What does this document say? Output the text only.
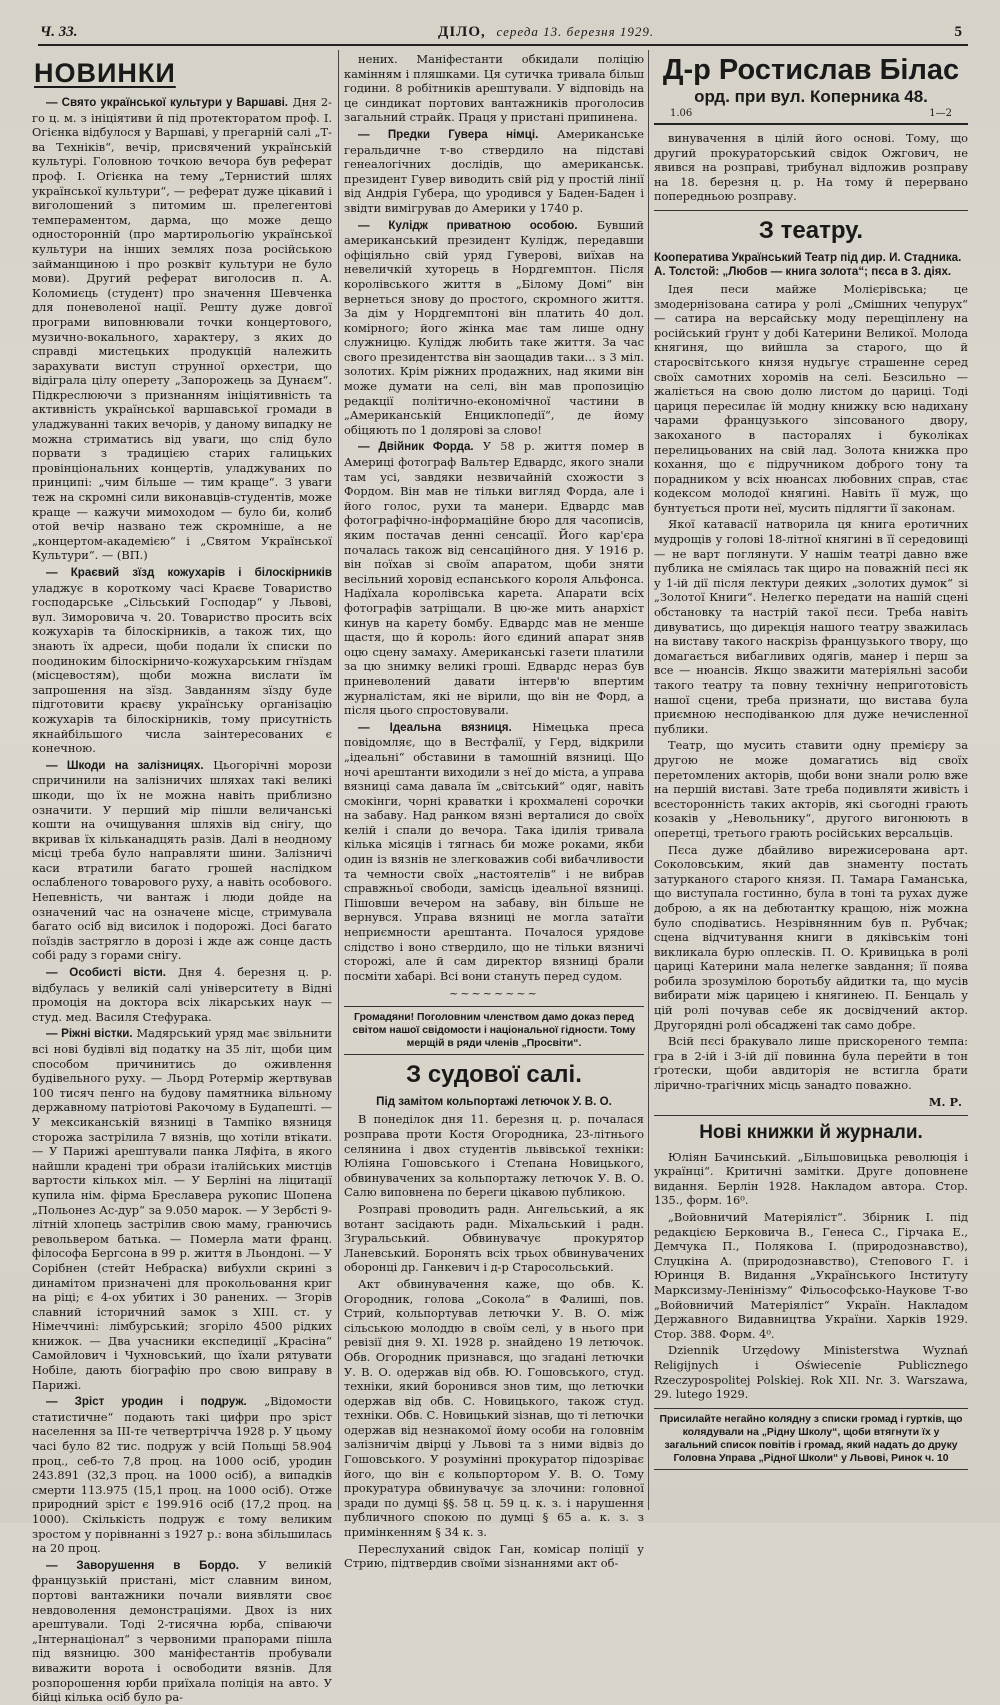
Ч. 33.	ДІЛО, середа 13. березня 1929.	5
НОВИНКИ

— Свято української культури у Варшаві. Дня 2-го ц. м. з ініціятиви й під протекторатом проф. І. Огієнка відбулося у Варшаві, у прегарній салі „Т-ва Техніків“, вечір, присвячений українській культурі. Головною точкою вечора був реферат проф. І. Огієнка на тему „Тернистий шлях української культури“, — реферат дуже цікавий і виголошений з питомим ш. прелегентові темпераментом, дарма, що може дещо односторонній (про мартирольогію української культури на інших землях поза російською займанщиною і про розквіт культури не було мови). Другий реферат виголосив п. А. Коломиєць (студент) про значення Шевченка для поневоленої нації. Решту дуже довгої програми виповнювали точки концертового, музично-вокального, характеру, з яких до справді мистецьких продукцій належить зарахувати виступ струнної орхестри, що відіграла цілу оперету „Запорожець за Дунаєм“. Підкреслюючи з признанням ініціятивність та активність української варшавської громади в уладжуванні таких вечорів, у даному випадку не можна стриматись від уваги, що слід було порвати з традицією старих галицьких провінціональних концертів, уладжуваних по принципі: „чим більше — тим краще“. З уваги теж на скромні сили виконавців-студентів, може краще — кажучи мимоходом — було би, колиб отой вечір названо теж скромніше, а не „концертом-академією“ і „Святом Української Культури“. — (ВП.)

— Краєвий зїзд кожухарів і білоскірників уладжує в короткому часі Краєве Товариство господарське „Сільський Господар“ у Львові, вул. Зиморовича ч. 20. Товариство просить всіх кожухарів та білоскірників, а також тих, що знають їх адреси, щоби подали їх списки по поодиноким білоскірничо-кожухарським гнїздам (місцевостям), щоби можна вислати їм запрошення на зїзд. Завданням зїзду буде підготовити краєву українську організацію кожухарів та білоскірників, тому присутність якнайбільшого числа заінтересованих є конечною.

— Шкоди на залізницях. Цьогорічні морози спричинили на залізничих шляхах такі великі шкоди, що їх не можна навіть приблизно означити. У перший мір пішли величанські кошти на очищування шляхів від снігу, що вкривав їх кільканадцять разів. Далі в неодному місці треба було направляти шини. Залізничі каси втратили багато грошей наслідком ослабленого товарового руху, а навіть особового. Непевність, чи вантаж і люди дойде на означений час на означене місце, стримувала багато осіб від висилок і подорожі. Досі багато поїздів застрягло в дорозі і жде аж сонце дасть собі раду з горами снігу.

— Особисті вісти. Дня 4. березня ц. р. відбулась у великій салі університету в Відні промоція на доктора всіх лікарських наук — студ. мед. Василя Стефурака.

— Ріжні вістки. Мадярський уряд має звільнити всі нові будівлі від податку на 35 літ, щоби цим способом причинитись до оживлення будівельного руху. — Льорд Ротермір жертвував 100 тисяч пенго на будову памятника вільному державному патріотові Ракочому в Будапешті. — У мексиканській вязниці в Тампіко вязниця сторожа застрілила 7 вязнів, що хотіли втікати. — У Парижі арештували панка Ляфіта, в якого найшли крадені три образи італійських мистців вартости кількох міл. — У Берліні на ліцитації купила нім. фірма Бреславера рукопис Шопена „Польонез Ас-дур“ за 9.050 марок. — У Зербсті 9-літній хлопець застрілив свою маму, гранючись револьвером батька. — Померла мати франц. філософа Бергсона в 99 р. життя в Льондоні. — У Сорібнен (стейт Небраска) вибухли скрині з динамітом призначені для прокольовання криг на ріці; є 4-ох убитих і 30 ранених. — Згорів славний історичний замок з ХІІІ. ст. у Німеччині: лімбурський; згоріло 4500 рідких книжок. — Два учасники експедиції „Красіна“ Самойлович і Чухновський, що їхали рятувати Нобіле, дають біографію про свою виправу в Парижі.

— Зріст уродин і подруж. „Відомости статистичне“ подають такі цифри про зріст населення за ІІІ-те четвертрічча 1928 р. У цьому часі було 82 тис. подруж у всій Польщі 58.904 проц., себ-то 7,8 проц. на 1000 осіб, уродин 243.891 (32,3 проц. на 1000 осіб), а випадків смерти 113.975 (15,1 проц. на 1000 осіб). Отже природний зріст є 199.916 осіб (17,2 проц. на 1000). Скількість подруж є тому великим зростом у порівнанні з 1927 р.: вона збільшилась на 20 проц.

— Заворушення в Бордо. У великій французькій пристані, міст славним вином, портові вантажники почали виявляти своє невдоволення демонстраціями. Двох із них арештували. Тоді 2-тисячна юрба, співаючи „Інтернаціонал“ з червоними прапорами пішла під вязницю. 300 маніфестантів пробували виважити ворота і освободити вязнів. Для розпорошення юрби приїхала поліція на авто. У бійці кілька осіб було ра-

нених. Маніфестанти обкидали поліцію камінням і пляшками. Ця сутичка тривала більш години. 8 робітників арештували. У відповідь на це синдикат портових вантажників проголосив загальний страйк. Праця у пристані припинена.

— Предки Гувера німці. Американське геральдичне т-во ствердило на підставі генеалогічних дослідів, що американськ. президент Гувер виводить свій рід у простій лінії від Андрія Губера, що уродився у Баден-Баден і звідти вимігрував до Америки у 1740 р.

— Кулідж приватною особою. Бувший американський президент Кулідж, передавши офіціяльно свій уряд Гуверові, виїхав на невеличкій хуторець в Нордгемптон. Після королівського життя в „Білому Домі“ він вернеться знову до простого, скромного життя. За дім у Нордгемптоні він платить 40 дол. комірного; його жінка має там лише одну служницю. Кулідж любить таке життя. За час свого президентства він заощадив таки... з 3 міл. золотих. Крім ріжних продажних, над якими він може думати на селі, він мав пропозицію редакції політично-економічної частини в „Американській Енциклопедії“, де йому обіцяють по 1 долярові за слово!

— Двійник Форда. У 58 р. життя помер в Америці фотограф Вальтер Едвардс, якого знали там усі, завдяки незвичайній схожости з Фордом. Він мав не тільки вигляд Форда, але і його голос, рухи та манери. Едвардс мав фотографічно-інформаційне бюро для часописів, яким постачав денні сенсації. Його кар'єра почалась також від сенсаційного дня. У 1916 р. він поїхав зі своїм апаратом, щоби зняти весільний хоровід еспанського короля Альфонса. Надїхала королівська карета. Апарати всіх фотографів затріщали. В цю-же мить анархіст кинув на карету бомбу. Едвардс мав не менше щастя, що й король: його єдиний апарат зняв оцю сцену замаху. Американські газети платили за цю знимку великі гроші. Едвардс нераз був приневолений давати інтерв'ю впертим журналістам, які не вірили, що він не Форд, а після цього спростовували.

— Ідеальна вязниця. Німецька преса повідомляє, що в Вестфалії, у Герд, відкрили „ідеальні“ обставини в тамошній вязниці. Що ночі арештанти виходили з неї до міста, а управа вязниці сама давала їм „світський“ одяг, навіть смокінги, чорні краватки і крохмалені сорочки на забаву. Над ранком вязні верталися до своїх келій і спали до вечора. Така ідилія тривала кілька місяців і тягнась би може роками, якби один із вязнів не злегковажив собі вибачливости та чемности своїх „настоятелів“ і не вибрав справжньої свободи, замісць ідеальної вязниці. Пішовши вечером на забаву, він більше не вернувся. Управа вязниці не могла затаїти неприємности арештанта. Почалося урядове слідство і воно ствердило, що не тільки вязничі сторожі, але й сам директор вязниці брали посміти хабарі. Всі вони стануть перед судом.

~~~~~~~~
Громадяни! Поголовним членством дамо доказ перед світом нашої свідомости і національної гідности. Тому мерщій в ряди членів „Просвіти“.
З судової салі.
Під замітом кольпортажі летючок У. В. О.

В понеділок дня 11. березня ц. р. почалася розправа проти Костя Огородника, 23-літнього селянина і двох студентів львівської техніки: Юліяна Гошовського і Степана Новицького, обвинувачених за кольпортажу летючок У. В. О. Салю виповнена по береги цікавою публикою.

Розправі проводить радн. Ангельський, а як вотант засідають радн. Міхальський і радн. Згуральський. Обвинувачує прокурятор Ланевський. Боронять всіх трьох обвинувачених оборонці др. Ганкевич і д-р Старосольський.

Акт обвинувачення каже, що обв. К. Огородник, голова „Сокола“ в Фалиші, пов. Стрий, кольпортував летючки У. В. О. між сільською молоддю в своїм селі, у в нього при ревізії дня 9. ХІ. 1928 р. знайдено 19 летючок. Обв. Огородник признався, що згадані летючки У. В. О. одержав від обв. Ю. Гошовського, студ. техніки, який боронився знов тим, що летючки одержав від обв. С. Новицького, також студ. техніки. Обв. С. Новицький зізнав, що ті летючки одержав від незнакомої йому особи на головнім залізничім двірці у Львові та з ними відвіз до Гошовського. У розумінні прокуратор підозріває його, що він є кольпортором У. В. О. Тому прокуратура обвинувачує за злочини: головної зради по думці §§. 58 ц. 59 ц. к. з. і нарушення публичного спокою по думці § 65 а. к. з. з примінкенням § 34 к. з.

Переслуханий свідок Ган, комісар поліції у Стрию, підтвердив своїми зізнаннями акт об-

Д-р Ростислав Білас
орд. при вул. Коперника 48.
1.06	1—2

винувачення в цілій його основі. Тому, що другий прокураторський свідок Ожгович, не явився на розправі, трибунал відложив розправу на 18. березня ц. р. На тому й перервано попередньою розправу.

З театру.
Кооператива Український Театр під дир. И. Стадника. А. Толстой: „Любов — книга золота“; пєса в 3. діях.

Ідея песи майже Молієрівська; це змодернізована сатира у ролі „Смішних чепурух“ — сатира на версайську моду перещіплену на російський ґрунт у добі Катерини Великої. Молода княгиня, що вийшла за старого, що й старосвітського князя нудьгує страшенне серед своїх самотних хоромів на селі. Безсильно — жаліється на свою долю листом до цариці. Тоді цариця пересилає їй модну книжку всю надихану чарами французького зіпсованого двору, закоханого в пасторалях і буколіках перелицьованих на свій лад. Золота книжка про кохання, що є підручником доброго тону та порадником у всіх нюансах любовних справ, стає кодексом молодої княгині. Навіть її муж, що бунтується проти неї, мусить підлягти її законам.

Якої катавасії натворила ця книга еротичних мудрощів у голові 18-літної княгині в її середовищі — не варт поглянути. У нашім театрі давно вже публика не сміялась так щиро на поважній пєсі як у 1-ій дії після лектури деяких „золотих думок“ зі „Золотої Книги“. Нелегко передати на нашій сцені обстановку та настрій такої пєси. Треба навіть дивуватись, що дирекція нашого театру зважилась на виставу такого наскрізь французького твору, що домагається вибагливих одягів, манер і перш за все — нюансів. Якщо зважити матеріяльні засоби такого театру та повну технічну неприготовість нашої сцени, треба признати, що вистава була приємною несподіванкою для дуже нечисленної публики.

Театр, що мусить ставити одну премієру за другою не може домагатись від своїх перетомлених акторів, щоби вони знали ролю вже на першій виставі. Зате треба подивляти живість і всесторонність таких акторів, які сьогодні грають козаків у „Невольнику“, другого вигонюють в оперетці, третього грають російських версальців.

Пєса дуже дбайливо вирежисерована арт. Соколовським, який дав знаменту постать затурканого старого князя. П. Тамара Гаманська, що виступала гостинно, була в тоні та рухах дуже доброю, а як на дебютантку кращою, ніж можна було сподіватись. Незрівнянним був п. Рубчак; сцена відчитування книги в дяківськім тоні викликала бурю оплесків. П. О. Кривицька в ролі цариці Катерини мала нелегке завдання; її поява робила зрозумілою боротьбу айдитки та, що мусів вибирати між царицею і княгинею. П. Бенцаль у цій ролі почував себе як досвідчений актор. Другорядні ролі обсаджені так само добре.

Всій пєсі бракувало лише прискореного темпа: гра в 2-ій і 3-ій дії повинна була перейти в тон ґротески, щоби авдиторія не встигла брати ліричнo-трагічних місць занадто поважно.

М. Р.
Нові книжки й журнали.

Юліян Бачинський. „Більшовицька революція і українці“. Критичні замітки. Друге доповнене видання. Берлін 1928. Накладом автора. Стор. 135., форм. 16⁰.

„Войовничий Матеріяліст“. Збірник І. під редакцією Берковича В., Генеса С., Гірчака Е., Демчука П., Полякова І. (природознавство), Слуцкіна А. (природознавство), Степового Г. і Юринця В. Видання „Українського Інституту Марксизму-Ленінізму“ Фільософсько-Наукове Т-во „Войовничий Матеріяліст“ Україн. Накладом Державного Видавництва України. Харків 1929. Стор. 388. Форм. 4⁰.

Dziennik Urzędowy Ministerstwa Wyznań Religijnych i Oświecenie Publicznego Rzeczypospolitej Polskiej. Rok XII. Nr. 3. Warszawa, 29. lutego 1929.

Присилайте негайно колядну з списки громад і гуртків, що колядували на „Рідну Школу“, щоби втягнути їх у загальний список повітів і громад, який надать до друку Головна Управа „Рідної Школи“ у Львові, Ринок ч. 10
